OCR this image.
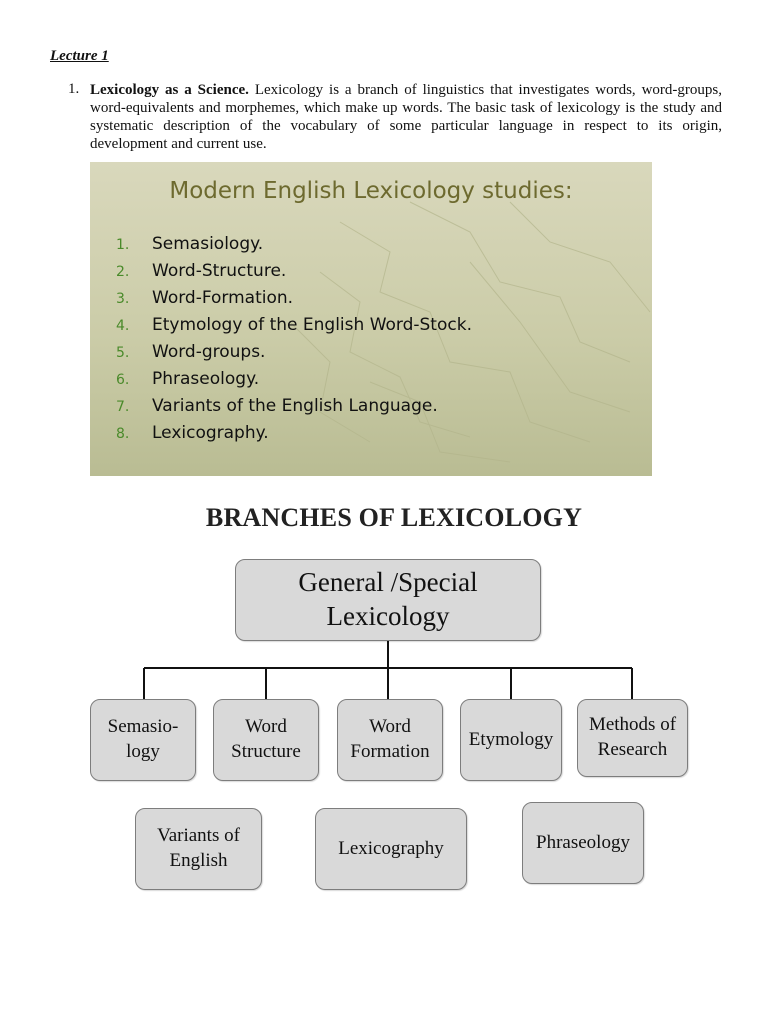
Lecture 1
1. Lexicology as a Science. Lexicology is a branch of linguistics that investigates words, word-groups, word-equivalents and morphemes, which make up words. The basic task of lexicology is the study and systematic description of the vocabulary of some particular language in respect to its origin, development and current use.

Modern English Lexicology studies:
1.	Semasiology.
2.	Word-Structure.
3.	Word-Formation.
4.	Etymology of the English Word-Stock.
5.	Word-groups.
6.	Phraseology.
7.	Variants of the English Language.
8.	Lexicography.
BRANCHES OF LEXICOLOGY
General /Special
Lexicology
Semasio-
logy
Word
Structure
Word
Formation
Etymology
Methods of
Research
Variants of
English
Lexicography	Phraseology
